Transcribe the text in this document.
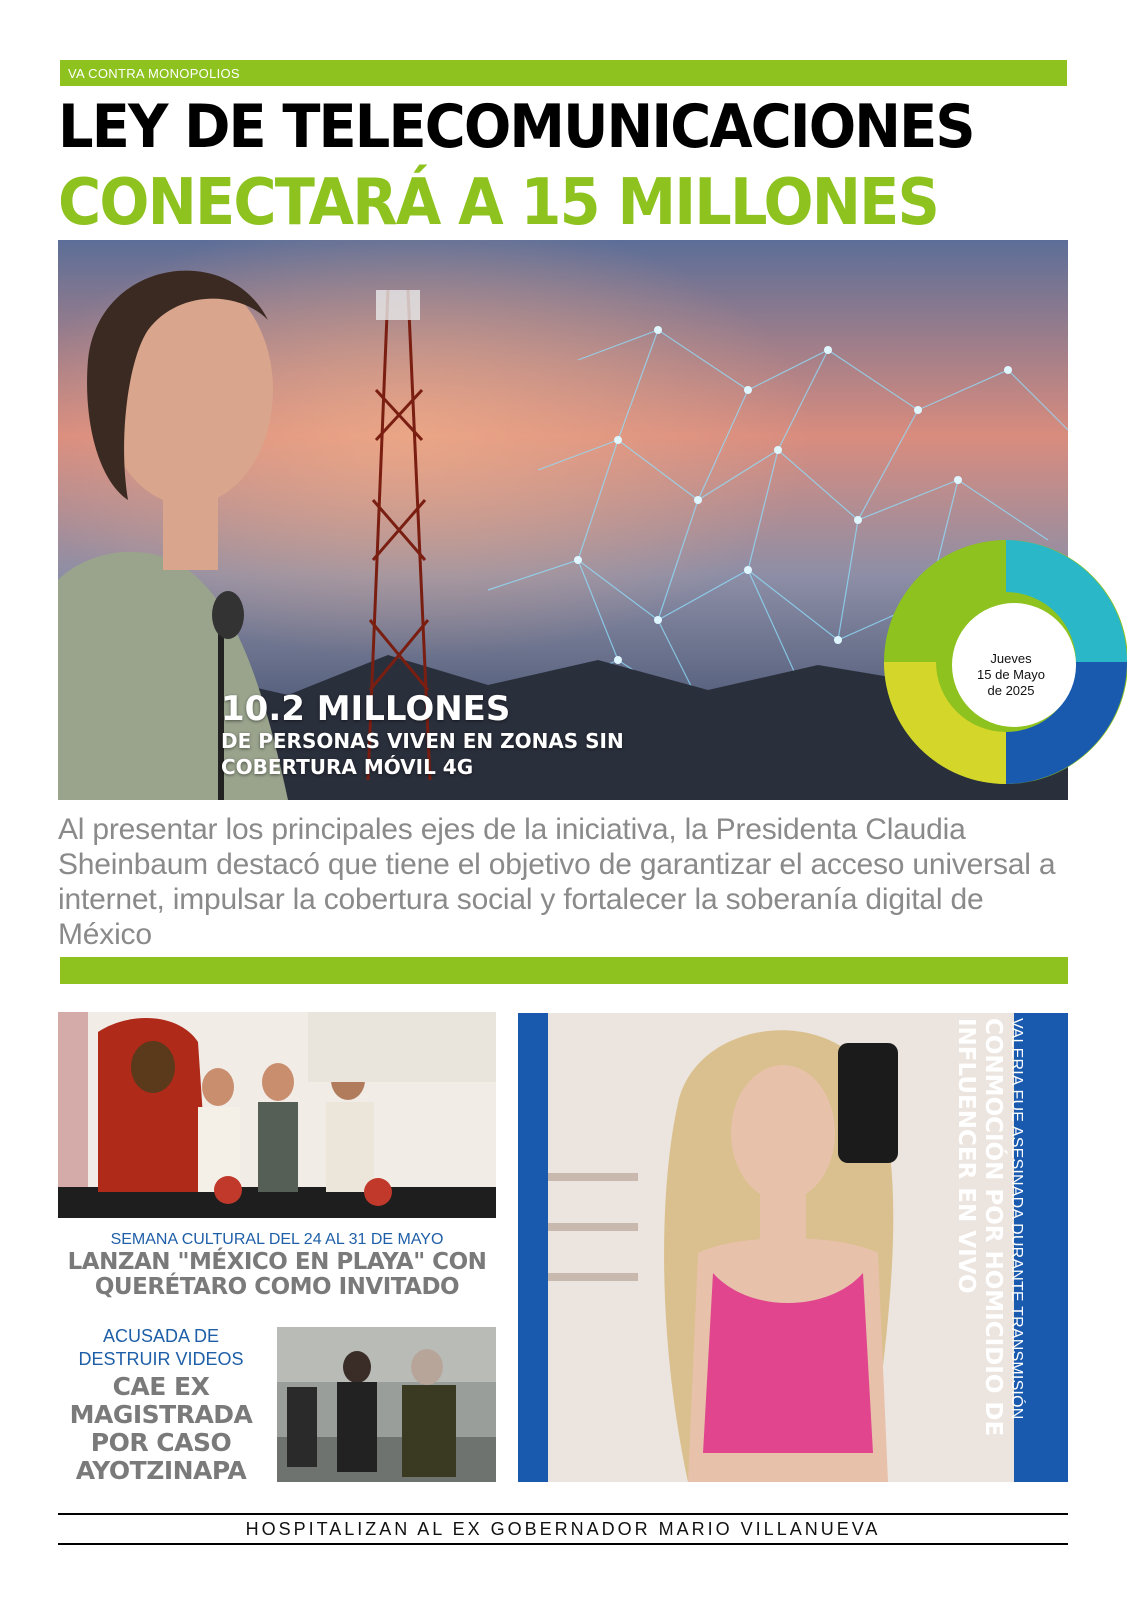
VA CONTRA MONOPOLIOS
LEY DE TELECOMUNICACIONES
CONECTARÁ A 15 MILLONES
10.2 MILLONES
DE PERSONAS VIVEN EN ZONAS SIN COBERTURA MÓVIL 4G
Jueves
15 de Mayo
de 2025
Al presentar los principales ejes de la iniciativa, la Presidenta Claudia Sheinbaum destacó que tiene el objetivo de garantizar el acceso universal a internet, impulsar la cobertura social y fortalecer la soberanía digital de México
SEMANA CULTURAL DEL 24 AL 31 DE MAYO
LANZAN "MÉXICO EN PLAYA" CON QUERÉTARO COMO INVITADO
ACUSADA DE DESTRUIR VIDEOS
CAE EX MAGISTRADA POR CASO AYOTZINAPA
VALERIA FUE ASESINADA DURANTE TRANSMISIÓN
CONMOCIÓN POR HOMICIDIO DE INFLUENCER EN VIVO
HOSPITALIZAN AL EX GOBERNADOR MARIO VILLANUEVA
